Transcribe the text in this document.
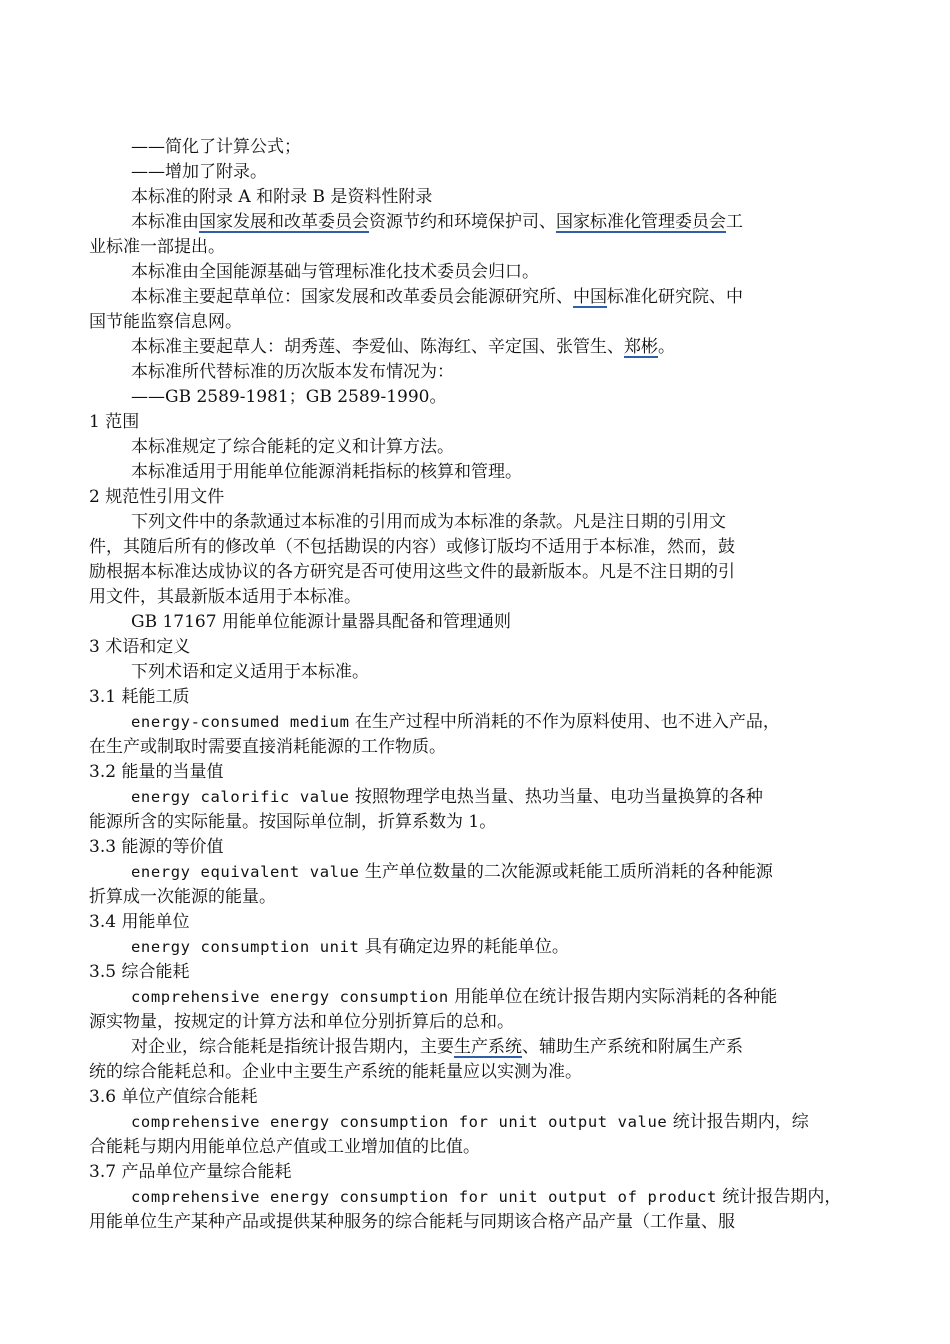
——简化了计算公式；
——增加了附录。
本标准的附录 A 和附录 B 是资料性附录
本标准由国家发展和改革委员会资源节约和环境保护司、国家标准化管理委员会工
业标准一部提出。
本标准由全国能源基础与管理标准化技术委员会归口。
本标准主要起草单位：国家发展和改革委员会能源研究所、中国标准化研究院、中
国节能监察信息网。
本标准主要起草人：胡秀莲、李爱仙、陈海红、辛定国、张管生、郑彬。
本标准所代替标准的历次版本发布情况为：
——GB 2589-1981；GB 2589-1990。
1 范围
本标准规定了综合能耗的定义和计算方法。
本标准适用于用能单位能源消耗指标的核算和管理。
2 规范性引用文件
下列文件中的条款通过本标准的引用而成为本标准的条款。凡是注日期的引用文
件，其随后所有的修改单（不包括勘误的内容）或修订版均不适用于本标准，然而，鼓
励根据本标准达成协议的各方研究是否可使用这些文件的最新版本。凡是不注日期的引
用文件，其最新版本适用于本标准。
GB 17167 用能单位能源计量器具配备和管理通则
3 术语和定义
下列术语和定义适用于本标准。
3.1 耗能工质
energy-consumed medium 在生产过程中所消耗的不作为原料使用、也不进入产品，
在生产或制取时需要直接消耗能源的工作物质。
3.2 能量的当量值
energy calorific value 按照物理学电热当量、热功当量、电功当量换算的各种
能源所含的实际能量。按国际单位制，折算系数为 1。
3.3 能源的等价值
energy equivalent value 生产单位数量的二次能源或耗能工质所消耗的各种能源
折算成一次能源的能量。
3.4 用能单位
energy consumption unit 具有确定边界的耗能单位。
3.5 综合能耗
comprehensive energy consumption 用能单位在统计报告期内实际消耗的各种能
源实物量，按规定的计算方法和单位分别折算后的总和。
对企业，综合能耗是指统计报告期内，主要生产系统、辅助生产系统和附属生产系
统的综合能耗总和。企业中主要生产系统的能耗量应以实测为准。
3.6 单位产值综合能耗
comprehensive energy consumption for unit output value 统计报告期内，综
合能耗与期内用能单位总产值或工业增加值的比值。
3.7 产品单位产量综合能耗
comprehensive energy consumption for unit output of product 统计报告期内，
用能单位生产某种产品或提供某种服务的综合能耗与同期该合格产品产量（工作量、服
